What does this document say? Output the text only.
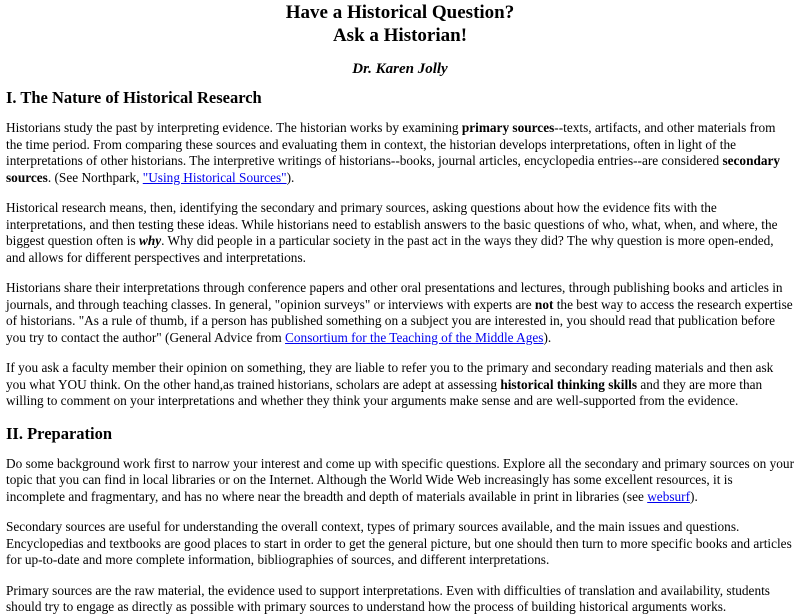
Have a Historical Question?
Ask a Historian!
Dr. Karen Jolly
I. The Nature of Historical Research

Historians study the past by interpreting evidence. The historian works by examining primary sources--texts, artifacts, and other materials from the time period. From comparing these sources and evaluating them in context, the historian develops interpretations, often in light of the interpretations of other historians. The interpretive writings of historians--books, journal articles, encyclopedia entries--are considered secondary sources. (See Northpark, "Using Historical Sources").

Historical research means, then, identifying the secondary and primary sources, asking questions about how the evidence fits with the interpretations, and then testing these ideas. While historians need to establish answers to the basic questions of who, what, when, and where, the biggest question often is why. Why did people in a particular society in the past act in the ways they did? The why question is more open-ended, and allows for different perspectives and interpretations.

Historians share their interpretations through conference papers and other oral presentations and lectures, through publishing books and articles in journals, and through teaching classes. In general, "opinion surveys" or interviews with experts are not the best way to access the research expertise of historians. "As a rule of thumb, if a person has published something on a subject you are interested in, you should read that publication before you try to contact the author" (General Advice from Consortium for the Teaching of the Middle Ages).

If you ask a faculty member their opinion on something, they are liable to refer you to the primary and secondary reading materials and then ask you what YOU think. On the other hand,as trained historians, scholars are adept at assessing historical thinking skills and they are more than willing to comment on your interpretations and whether they think your arguments make sense and are well-supported from the evidence.

II. Preparation

Do some background work first to narrow your interest and come up with specific questions. Explore all the secondary and primary sources on your topic that you can find in local libraries or on the Internet. Although the World Wide Web increasingly has some excellent resources, it is incomplete and fragmentary, and has no where near the breadth and depth of materials available in print in libraries (see websurf).

Secondary sources are useful for understanding the overall context, types of primary sources available, and the main issues and questions. Encyclopedias and textbooks are good places to start in order to get the general picture, but one should then turn to more specific books and articles for up-to-date and more complete information, bibliographies of sources, and different interpretations.

Primary sources are the raw material, the evidence used to support interpretations. Even with difficulties of translation and availability, students should try to engage as directly as possible with primary sources to understand how the process of building historical arguments works.
